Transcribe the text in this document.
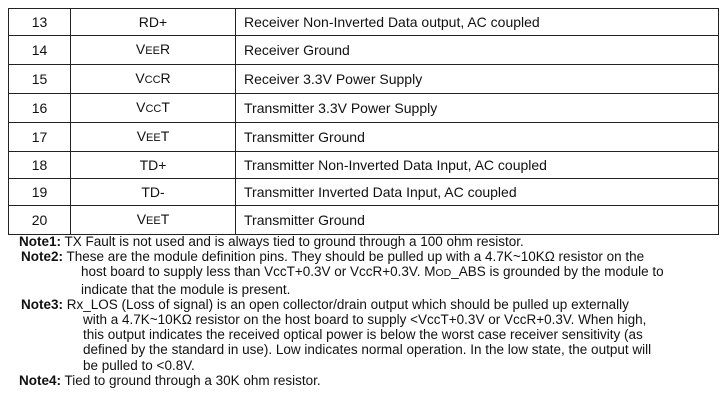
13	RD+	Receiver Non-Inverted Data output, AC coupled
14	VEER	Receiver Ground
15	VCCR	Receiver 3.3V Power Supply
16	VCCT	Transmitter 3.3V Power Supply
17	VEET	Transmitter Ground
18	TD+	Transmitter Non-Inverted Data Input, AC coupled
19	TD-	Transmitter Inverted Data Input, AC coupled
20	VEET	Transmitter Ground

Note1: TX Fault is not used and is always tied to ground through a 100 ohm resistor.

Note2: These are the module definition pins. They should be pulled up with a 4.7K~10KΩ resistor on the
host board to supply less than VccT+0.3V or VccR+0.3V. MOD_ABS is grounded by the module to
indicate that the module is present.

Note3: Rx_LOS (Loss of signal) is an open collector/drain output which should be pulled up externally
with a 4.7K~10KΩ resistor on the host board to supply <VccT+0.3V or VccR+0.3V. When high,
this output indicates the received optical power is below the worst case receiver sensitivity (as
defined by the standard in use). Low indicates normal operation. In the low state, the output will
be pulled to <0.8V.

Note4: Tied to ground through a 30K ohm resistor.
